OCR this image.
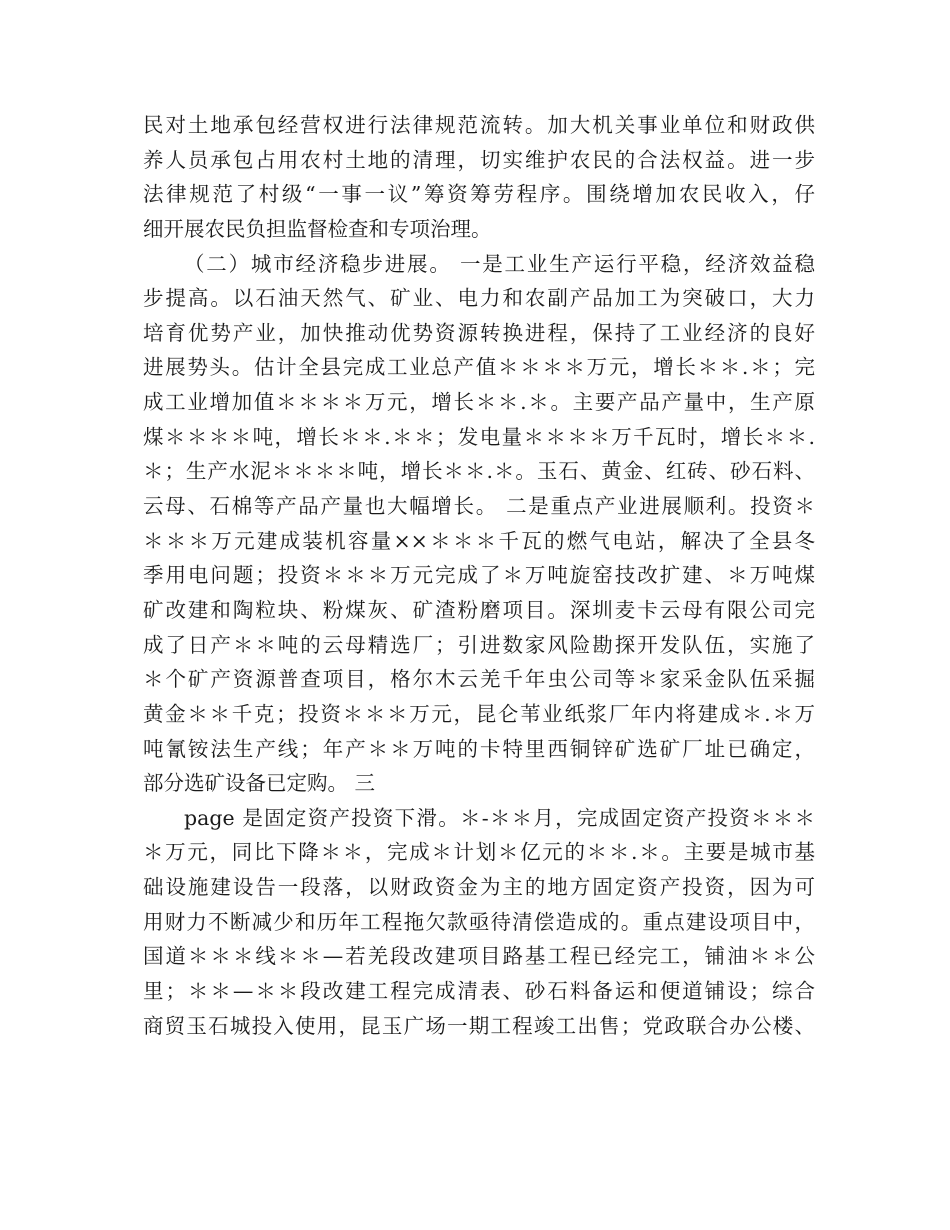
民对土地承包经营权进行法律规范流转。加大机关事业单位和财政供
养人员承包占用农村土地的清理，切实维护农民的合法权益。进一步
法律规范了村级“一事一议”筹资筹劳程序。围绕增加农民收入，仔
细开展农民负担监督检查和专项治理。
（二）城市经济稳步进展。 一是工业生产运行平稳，经济效益稳
步提高。以石油天然气、矿业、电力和农副产品加工为突破口，大力
培育优势产业，加快推动优势资源转换进程，保持了工业经济的良好
进展势头。估计全县完成工业总产值＊＊＊＊万元，增长＊＊.＊；完
成工业增加值＊＊＊＊万元，增长＊＊.＊。主要产品产量中，生产原
煤＊＊＊＊吨，增长＊＊.＊＊；发电量＊＊＊＊万千瓦时，增长＊＊.
＊；生产水泥＊＊＊＊吨，增长＊＊.＊。玉石、黄金、红砖、砂石料、
云母、石棉等产品产量也大幅增长。 二是重点产业进展顺利。投资＊
＊＊＊万元建成装机容量××＊＊＊千瓦的燃气电站，解决了全县冬
季用电问题；投资＊＊＊万元完成了＊万吨旋窑技改扩建、＊万吨煤
矿改建和陶粒块、粉煤灰、矿渣粉磨项目。深圳麦卡云母有限公司完
成了日产＊＊吨的云母精选厂；引进数家风险勘探开发队伍，实施了
＊个矿产资源普查项目，格尔木云羌千年虫公司等＊家采金队伍采掘
黄金＊＊千克；投资＊＊＊万元，昆仑苇业纸浆厂年内将建成＊.＊万
吨氰铵法生产线；年产＊＊万吨的卡特里西铜锌矿选矿厂址已确定，
部分选矿设备已定购。 三
page 是固定资产投资下滑。＊-＊＊月，完成固定资产投资＊＊＊
＊万元，同比下降＊＊，完成＊计划＊亿元的＊＊.＊。主要是城市基
础设施建设告一段落，以财政资金为主的地方固定资产投资，因为可
用财力不断减少和历年工程拖欠款亟待清偿造成的。重点建设项目中，
国道＊＊＊线＊＊—若羌段改建项目路基工程已经完工，铺油＊＊公
里；＊＊—＊＊段改建工程完成清表、砂石料备运和便道铺设；综合
商贸玉石城投入使用，昆玉广场一期工程竣工出售；党政联合办公楼、
